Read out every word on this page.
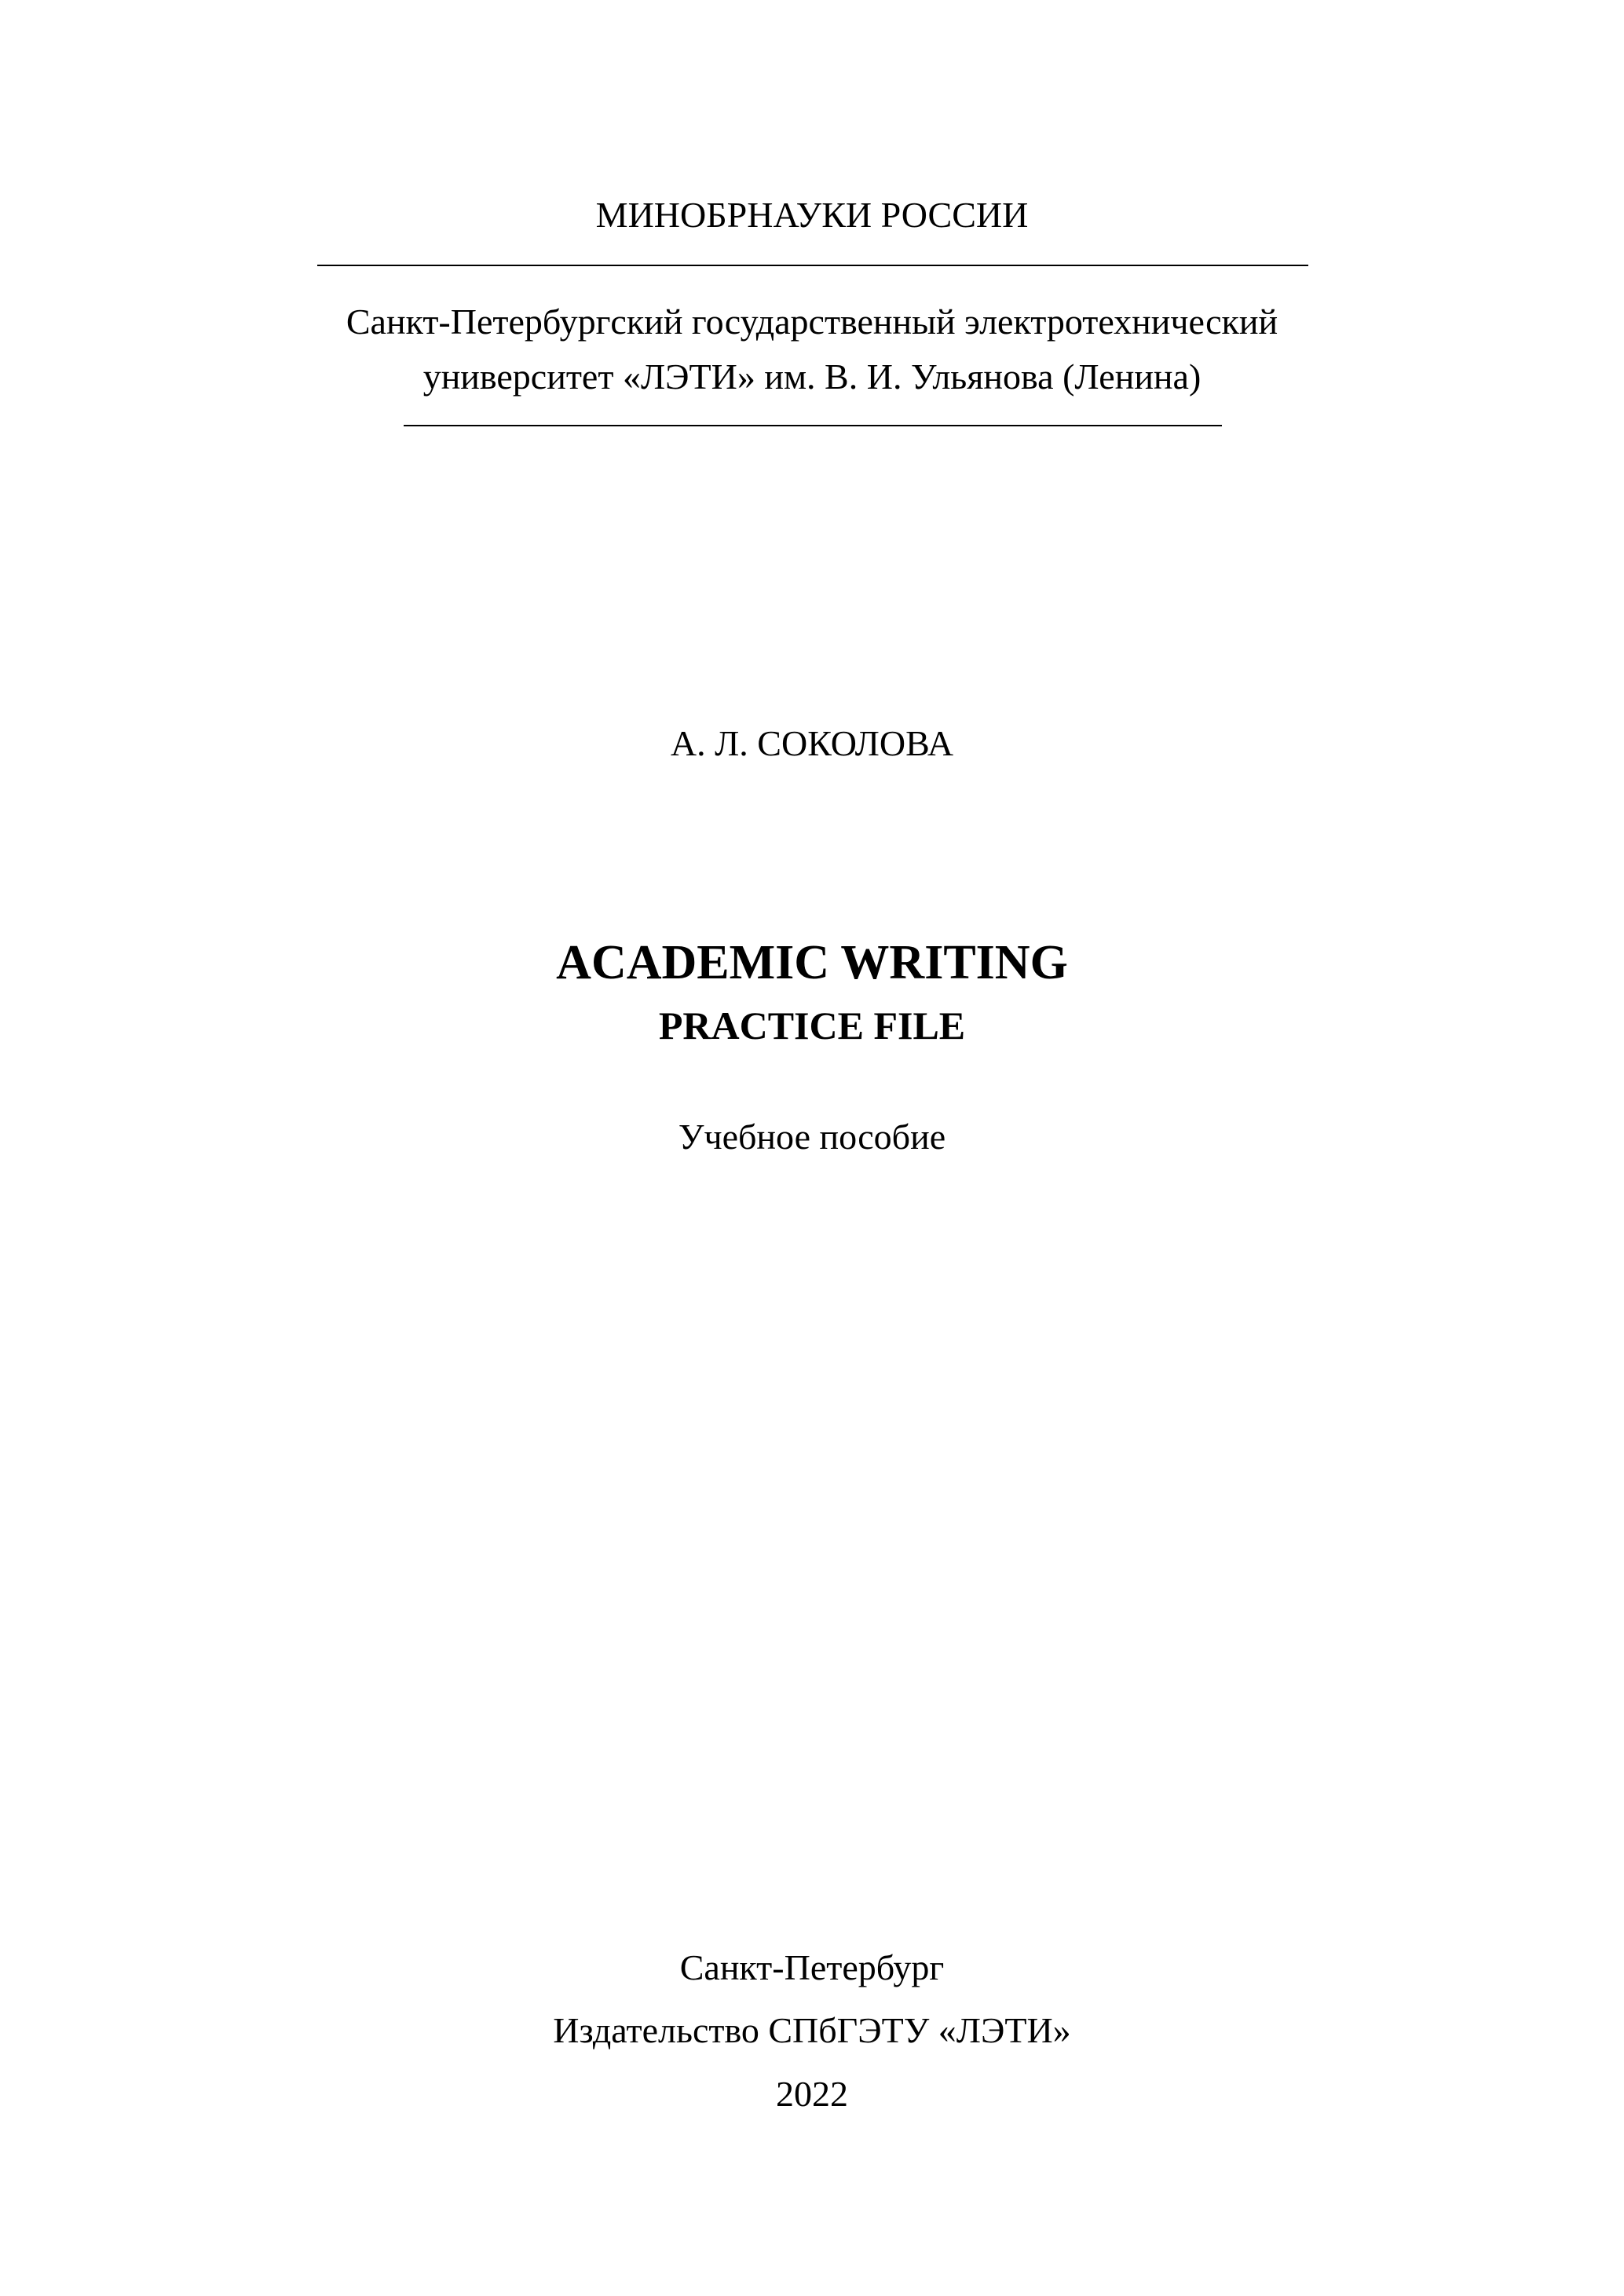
МИНОБРНАУКИ РОССИИ
Санкт-Петербургский государственный электротехнический
университет «ЛЭТИ» им. В. И. Ульянова (Ленина)
А. Л. СОКОЛОВА
ACADEMIC WRITING
PRACTICE FILE
Учебное пособие
Санкт-Петербург
Издательство СПбГЭТУ «ЛЭТИ»
2022
